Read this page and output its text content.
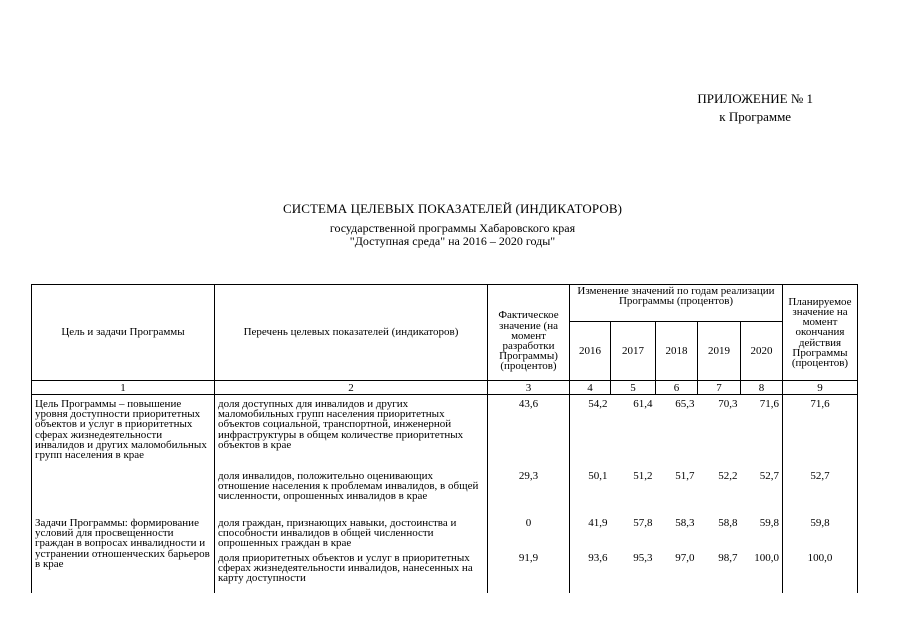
ПРИЛОЖЕНИЕ № 1
к Программе
СИСТЕМА ЦЕЛЕВЫХ ПОКАЗАТЕЛЕЙ (ИНДИКАТОРОВ)
государственной программы Хабаровского края
"Доступная среда" на 2016 – 2020 годы"
Цель и задачи Программы	Перечень целевых показателей (индикаторов)	Фактическое значение (на момент разработки Программы) (процентов)	Изменение значений по годам реализации Программы (процентов)					Планируемое значение на момент окончания действия Программы (процентов)
			2016	2017	2018	2019	2020	
1	2	3	4	5	6	7	8	9
Цель Программы – повышение уровня доступности приоритетных объектов и услуг в приоритетных сферах жизнедеятельности инвалидов и других маломобильных групп населения в крае	доля доступных для инвалидов и других маломобильных групп населения приоритетных объектов социальной, транспортной, инженерной инфраструктуры в общем количестве приоритетных объектов в крае	43,6	54,2	61,4	65,3	70,3	71,6	71,6
	доля инвалидов, положительно оценивающих отношение населения к проблемам инвалидов, в общей численности, опрошенных инвалидов в крае	29,3	50,1	51,2	51,7	52,2	52,7	52,7
Задачи Программы: формирование условий для просвещенности граждан в вопросах инвалидности и устранении отношенческих барьеров в крае	доля граждан, признающих навыки, достоинства и способности инвалидов в общей численности опрошенных граждан в крае	0	41,9	57,8	58,3	58,8	59,8	59,8
	доля приоритетных объектов и услуг в приоритетных сферах жизнедеятельности инвалидов, нанесенных на карту доступности	91,9	93,6	95,3	97,0	98,7	100,0	100,0
